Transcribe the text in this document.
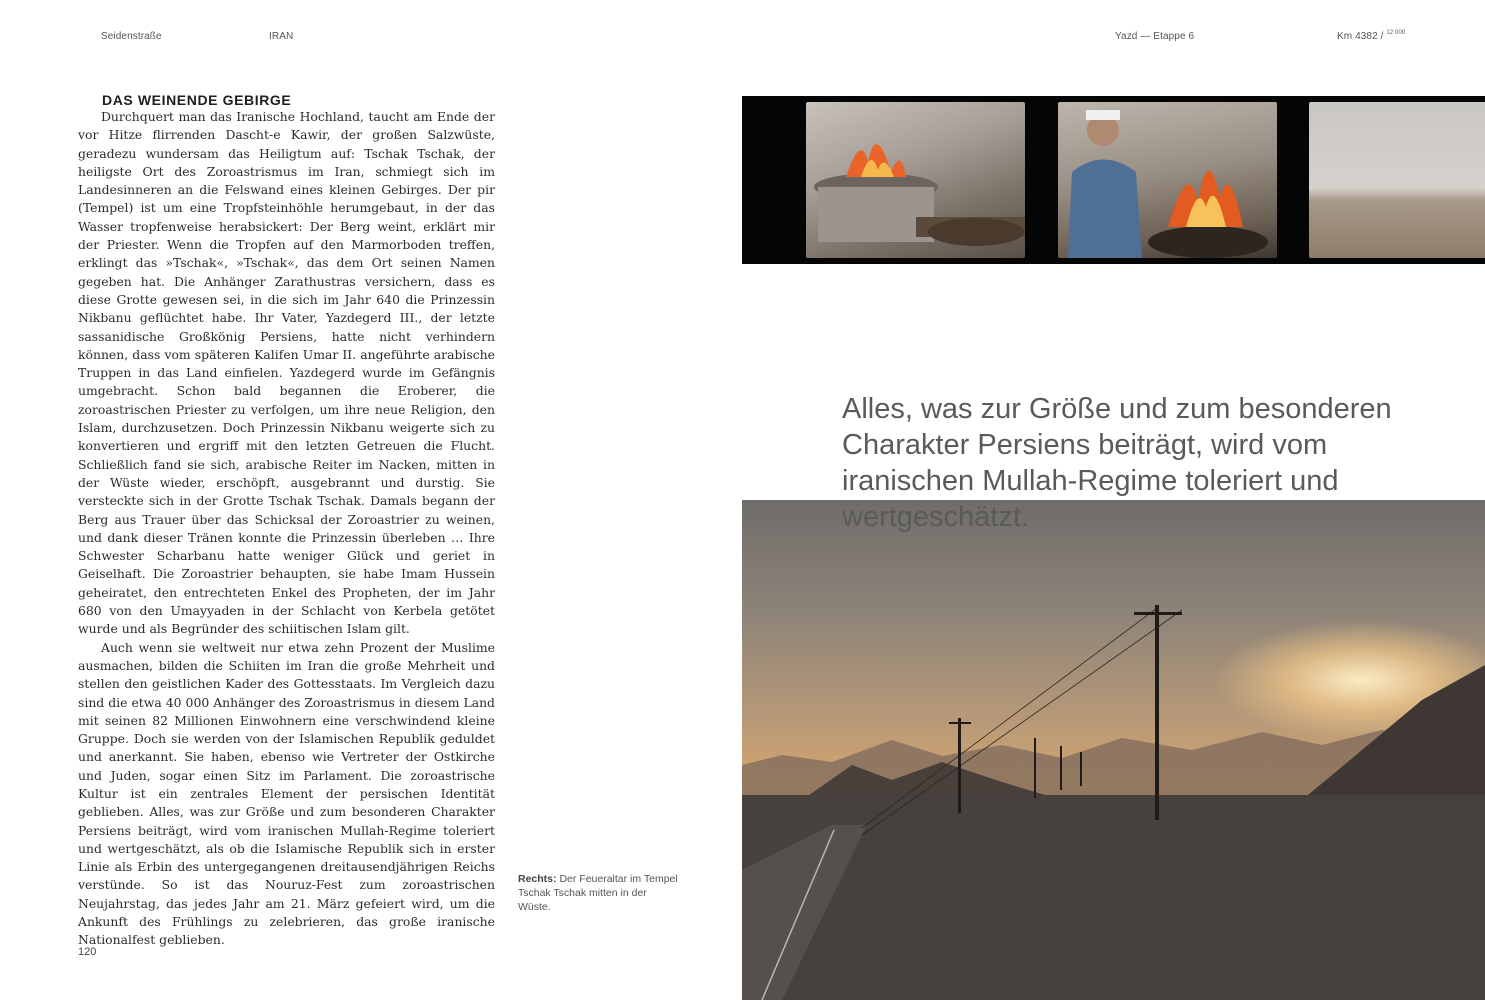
Seidenstraße	IRAN	Yazd — Etappe 6	Km 4382 / $^{12 000}$
DAS WEINENDE GEBIRGE

Durchquert man das Iranische Hochland, taucht am Ende der vor Hitze flirrenden Dascht-e Kawir, der großen Salzwüste, geradezu wundersam das Heiligtum auf: Tschak Tschak, der heiligste Ort des Zoroastrismus im Iran, schmiegt sich im Landesinneren an die Felswand eines kleinen Gebirges. Der pir (Tempel) ist um eine Tropfsteinhöhle herumgebaut, in der das Wasser tropfenweise herabsickert: Der Berg weint, erklärt mir der Priester. Wenn die Tropfen auf den Marmorboden treffen, erklingt das »Tschak«, »Tschak«, das dem Ort seinen Namen gegeben hat. Die Anhänger Zarathustras versichern, dass es diese Grotte gewesen sei, in die sich im Jahr 640 die Prinzessin Nikbanu geflüchtet habe. Ihr Vater, Yazdegerd III., der letzte sassanidische Großkönig Persiens, hatte nicht verhindern können, dass vom späteren Kalifen Umar II. angeführte arabische Truppen in das Land einfielen. Yazdegerd wurde im Gefängnis umgebracht. Schon bald begannen die Eroberer, die zoroastrischen Priester zu verfolgen, um ihre neue Religion, den Islam, durchzusetzen. Doch Prinzessin Nikbanu weigerte sich zu konvertieren und ergriff mit den letzten Getreuen die Flucht. Schließlich fand sie sich, arabische Reiter im Nacken, mitten in der Wüste wieder, erschöpft, ausgebrannt und durstig. Sie versteckte sich in der Grotte Tschak Tschak. Damals begann der Berg aus Trauer über das Schicksal der Zoroastrier zu weinen, und dank dieser Tränen konnte die Prinzessin überleben … Ihre Schwester Scharbanu hatte weniger Glück und geriet in Geiselhaft. Die Zoroastrier behaupten, sie habe Imam Hussein geheiratet, den entrechteten Enkel des Propheten, der im Jahr 680 von den Umayyaden in der Schlacht von Kerbela getötet wurde und als Begründer des schiitischen Islam gilt.

Auch wenn sie weltweit nur etwa zehn Prozent der Muslime ausmachen, bilden die Schiiten im Iran die große Mehrheit und stellen den geistlichen Kader des Gottesstaats. Im Vergleich dazu sind die etwa 40 000 Anhänger des Zoroastrismus in diesem Land mit seinen 82 Millionen Einwohnern eine verschwindend kleine Gruppe. Doch sie werden von der Islamischen Republik geduldet und anerkannt. Sie haben, ebenso wie Vertreter der Ostkirche und Juden, sogar einen Sitz im Parlament. Die zoroastrische Kultur ist ein zentrales Element der persischen Identität geblieben. Alles, was zur Größe und zum besonderen Charakter Persiens beiträgt, wird vom iranischen Mullah-Regime toleriert und wertgeschätzt, als ob die Islamische Republik sich in erster Linie als Erbin des untergegangenen dreitausendjährigen Reichs verstünde. So ist das Nouruz-Fest zum zoroastrischen Neujahrstag, das jedes Jahr am 21. März gefeiert wird, um die Ankunft des Frühlings zu zelebrieren, das große iranische Nationalfest geblieben.

Rechts: Der Feueraltar im Tempel Tschak Tschak mitten in der Wüste.
120
Alles, was zur Größe und zum besonderen Charakter Persiens beiträgt, wird vom iranischen Mullah-Regime toleriert und wertgeschätzt.
